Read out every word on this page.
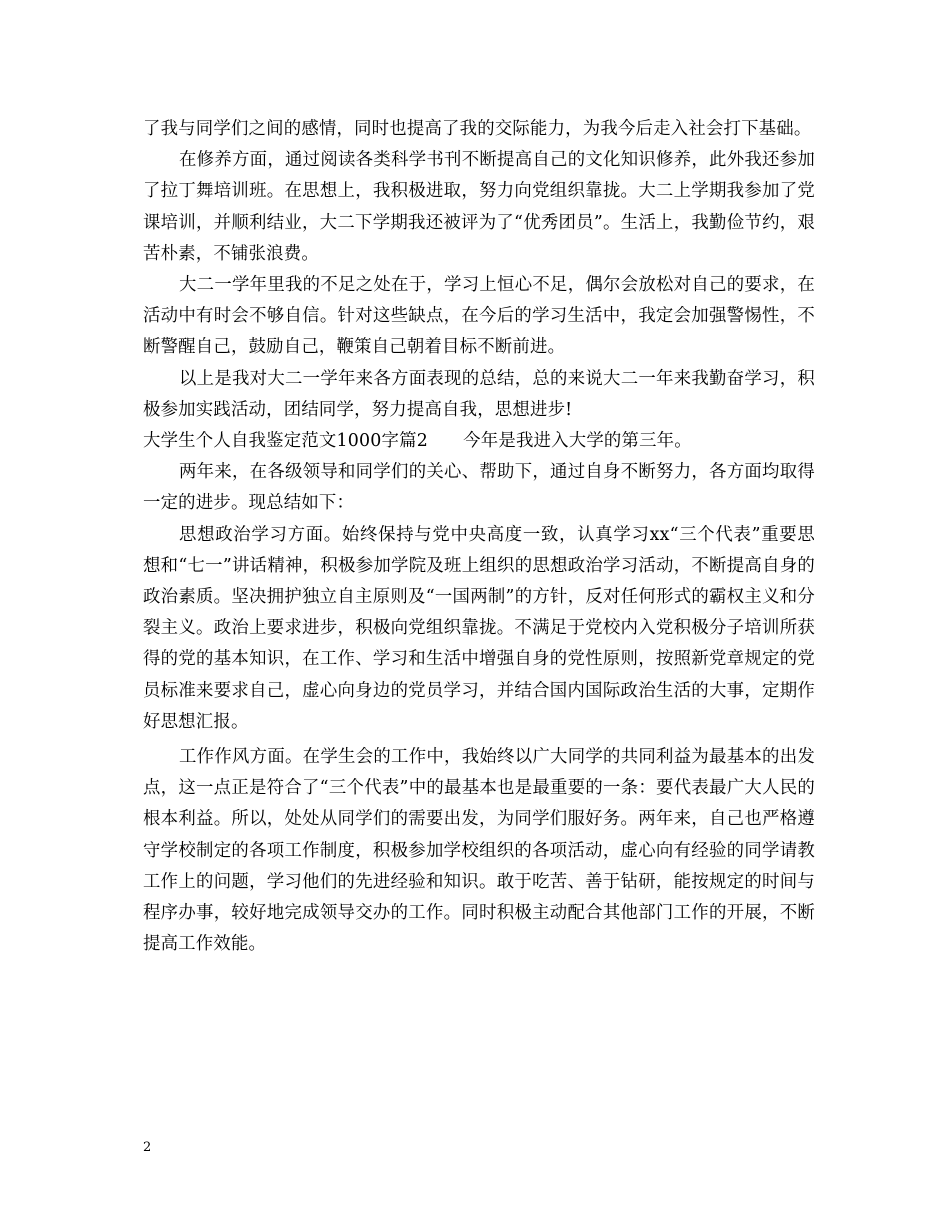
了我与同学们之间的感情，同时也提高了我的交际能力，为我今后走入社会打下基础。

在修养方面，通过阅读各类科学书刊不断提高自己的文化知识修养，此外我还参加了拉丁舞培训班。在思想上，我积极进取，努力向党组织靠拢。大二上学期我参加了党课培训，并顺利结业，大二下学期我还被评为了“优秀团员”。生活上，我勤俭节约，艰苦朴素，不铺张浪费。

大二一学年里我的不足之处在于，学习上恒心不足，偶尔会放松对自己的要求，在活动中有时会不够自信。针对这些缺点，在今后的学习生活中，我定会加强警惕性，不断警醒自己，鼓励自己，鞭策自己朝着目标不断前进。

以上是我对大二一学年来各方面表现的总结，总的来说大二一年来我勤奋学习，积极参加实践活动，团结同学，努力提高自我，思想进步!

大学生个人自我鉴定范文1000字篇2　　今年是我进入大学的第三年。

两年来，在各级领导和同学们的关心、帮助下，通过自身不断努力，各方面均取得一定的进步。现总结如下：

思想政治学习方面。始终保持与党中央高度一致，认真学习xx“三个代表”重要思想和“七一”讲话精神，积极参加学院及班上组织的思想政治学习活动，不断提高自身的政治素质。坚决拥护独立自主原则及“一国两制”的方针，反对任何形式的霸权主义和分裂主义。政治上要求进步，积极向党组织靠拢。不满足于党校内入党积极分子培训所获得的党的基本知识，在工作、学习和生活中增强自身的党性原则，按照新党章规定的党员标准来要求自己，虚心向身边的党员学习，并结合国内国际政治生活的大事，定期作好思想汇报。

工作作风方面。在学生会的工作中，我始终以广大同学的共同利益为最基本的出发点，这一点正是符合了“三个代表”中的最基本也是最重要的一条：要代表最广大人民的根本利益。所以，处处从同学们的需要出发，为同学们服好务。两年来，自己也严格遵守学校制定的各项工作制度，积极参加学校组织的各项活动，虚心向有经验的同学请教工作上的问题，学习他们的先进经验和知识。敢于吃苦、善于钻研，能按规定的时间与程序办事，较好地完成领导交办的工作。同时积极主动配合其他部门工作的开展，不断提高工作效能。

2
